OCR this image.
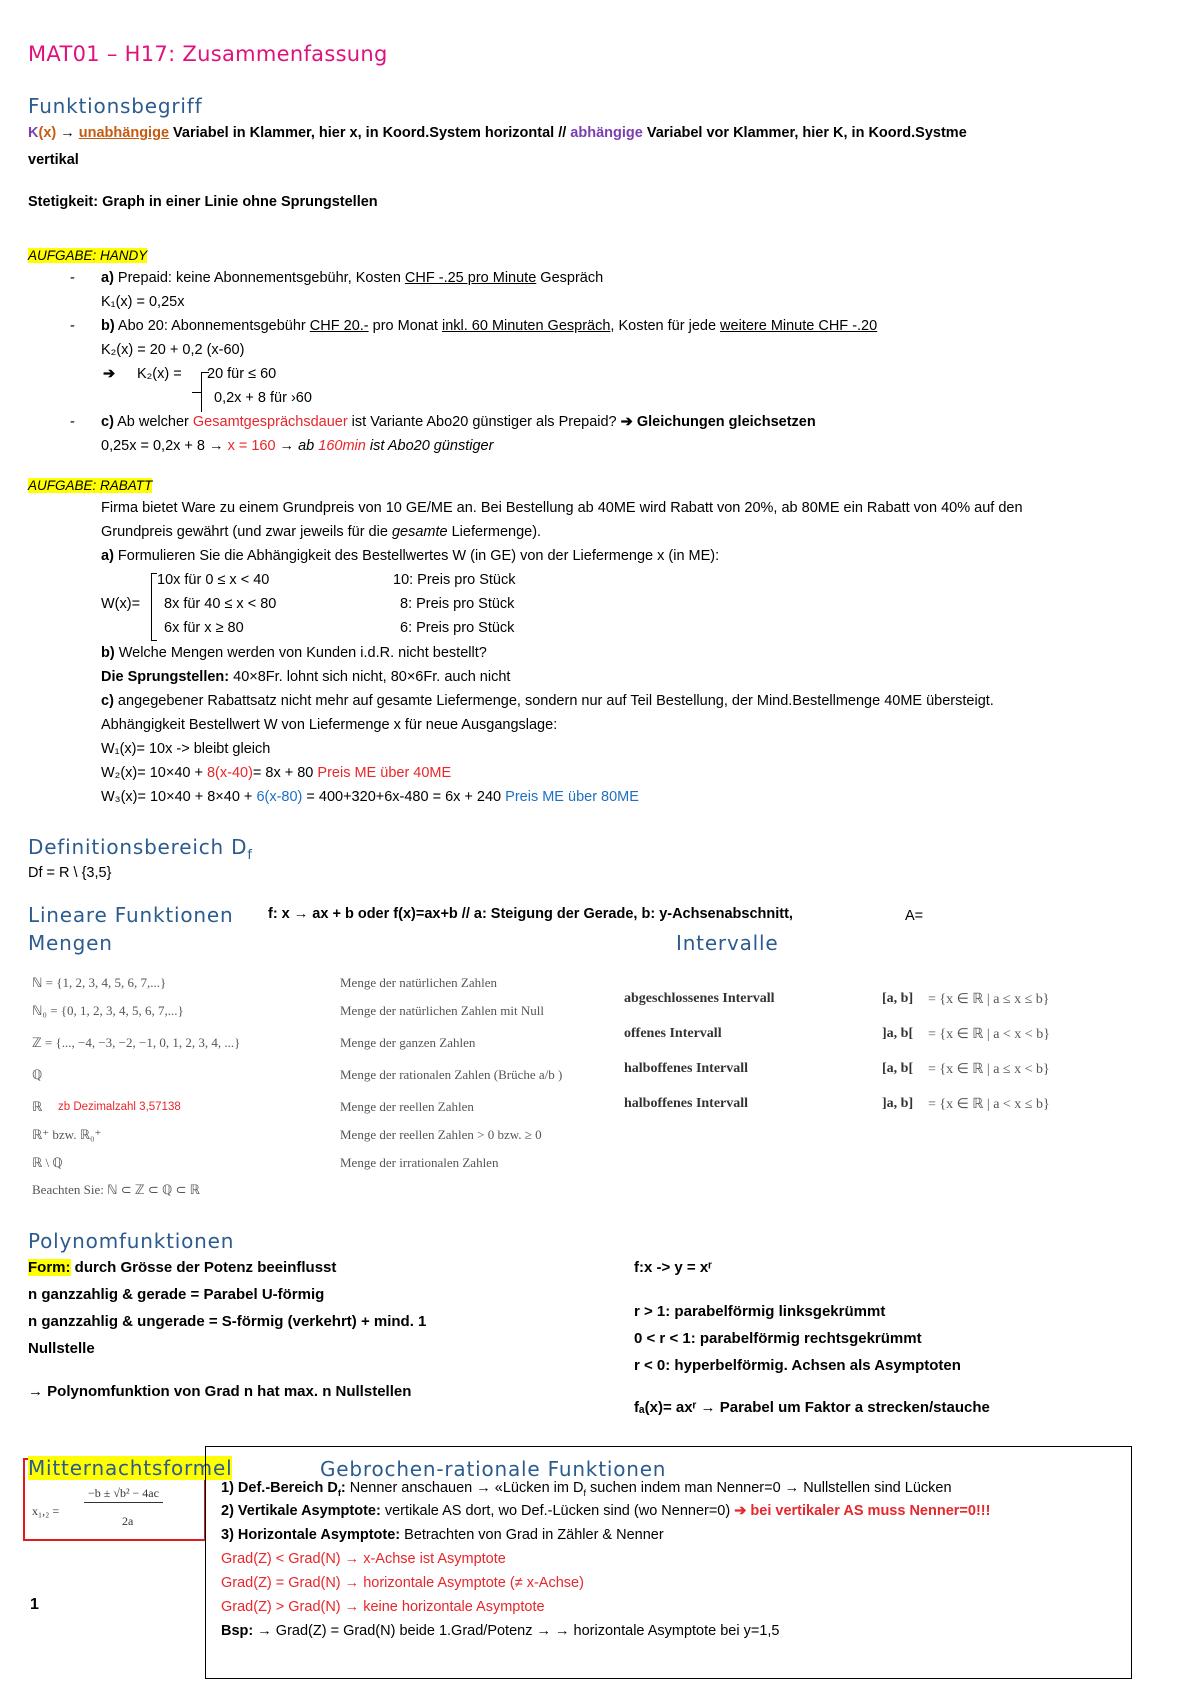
MAT01 – H17: Zusammenfassung
Funktionsbegriff
K(x) → unabhängige Variabel in Klammer, hier x, in Koord.System horizontal // abhängige Variabel vor Klammer, hier K, in Koord.Systme
vertikal
Stetigkeit: Graph in einer Linie ohne Sprungstellen
AUFGABE: HANDY
- a) Prepaid: keine Abonnementsgebühr, Kosten CHF -.25 pro Minute Gespräch
K₁(x) = 0,25x
- b) Abo 20: Abonnementsgebühr CHF 20.- pro Monat inkl. 60 Minuten Gespräch, Kosten für jede weitere Minute CHF -.20
K₂(x) = 20 + 0,2 (x-60)
➔ K₂(x) = 20 für ≤ 60
0,2x + 8 für ›60
- c) Ab welcher Gesamtgesprächsdauer ist Variante Abo20 günstiger als Prepaid? ➔ Gleichungen gleichsetzen
0,25x = 0,2x + 8 → x = 160 → ab 160min ist Abo20 günstiger
AUFGABE: RABATT
Firma bietet Ware zu einem Grundpreis von 10 GE/ME an. Bei Bestellung ab 40ME wird Rabatt von 20%, ab 80ME ein Rabatt von 40% auf den
Grundpreis gewährt (und zwar jeweils für die gesamte Liefermenge).
a) Formulieren Sie die Abhängigkeit des Bestellwertes W (in GE) von der Liefermenge x (in ME):
W(x)=
10x für 0 ≤ x < 40	10: Preis pro Stück
8x für 40 ≤ x < 80	8: Preis pro Stück
6x für x ≥ 80	6: Preis pro Stück
b) Welche Mengen werden von Kunden i.d.R. nicht bestellt?
Die Sprungstellen: 40×8Fr. lohnt sich nicht, 80×6Fr. auch nicht
c) angegebener Rabattsatz nicht mehr auf gesamte Liefermenge, sondern nur auf Teil Bestellung, der Mind.Bestellmenge 40ME übersteigt.
Abhängigkeit Bestellwert W von Liefermenge x für neue Ausgangslage:
W₁(x)= 10x -> bleibt gleich
W₂(x)= 10×40 + 8(x-40)= 8x + 80 Preis ME über 40ME
W₃(x)= 10×40 + 8×40 + 6(x-80) = 400+320+6x-480 = 6x + 240 Preis ME über 80ME
Definitionsbereich $D_f$
Df = R \ {3,5}
Lineare Funktionen f: x → ax + b oder f(x)=ax+b // a: Steigung der Gerade, b: y-Achsenabschnitt,	A=
Mengen	Intervalle
ℕ = {1, 2, 3, 4, 5, 6, 7,...}	Menge der natürlichen Zahlen
ℕ₀ = {0, 1, 2, 3, 4, 5, 6, 7,...}	Menge der natürlichen Zahlen mit Null
ℤ = {..., −4, −3, −2, −1, 0, 1, 2, 3, 4, ...}	Menge der ganzen Zahlen
ℚ	Menge der rationalen Zahlen (Brüche a/b )
ℝ zb Dezimalzahl 3,57138	Menge der reellen Zahlen
ℝ⁺ bzw. ℝ₀⁺	Menge der reellen Zahlen > 0 bzw. ≥ 0
ℝ \ ℚ	Menge der irrationalen Zahlen
Beachten Sie: ℕ ⊂ ℤ ⊂ ℚ ⊂ ℝ
abgeschlossenes Intervall	[a, b] = {x ∈ ℝ | a ≤ x ≤ b}
offenes Intervall	]a, b[ = {x ∈ ℝ | a < x < b}
halboffenes Intervall	[a, b[ = {x ∈ ℝ | a ≤ x < b}
halboffenes Intervall	]a, b] = {x ∈ ℝ | a < x ≤ b}
Polynomfunktionen
Form: durch Grösse der Potenz beeinflusst
n ganzzahlig & gerade = Parabel U-förmig
n ganzzahlig & ungerade = S-förmig (verkehrt) + mind. 1
Nullstelle
→ Polynomfunktion von Grad n hat max. n Nullstellen
f:x -> y = xʳ
r > 1: parabelförmig linksgekrümmt
0 < r < 1: parabelförmig rechtsgekrümmt
r < 0: hyperbelförmig. Achsen als Asymptoten
fₐ(x)= axʳ → Parabel um Faktor a strecken/stauche
Mitternachtsformel
x₁,₂ =
−b ± √b² − 4ac
2a
Gebrochen-rationale Funktionen
1) Def.-Bereich $D_f$: Nenner anschauen → «Lücken im $D_f$ suchen indem man Nenner=0 → Nullstellen sind Lücken
2) Vertikale Asymptote: vertikale AS dort, wo Def.-Lücken sind (wo Nenner=0) ➔ bei vertikaler AS muss Nenner=0!!!
3) Horizontale Asymptote: Betrachten von Grad in Zähler & Nenner
Grad(Z) < Grad(N) → x-Achse ist Asymptote
Grad(Z) = Grad(N) → horizontale Asymptote (≠ x-Achse)
Grad(Z) > Grad(N) → keine horizontale Asymptote
Bsp: → Grad(Z) = Grad(N) beide 1.Grad/Potenz → → horizontale Asymptote bei y=1,5
1
